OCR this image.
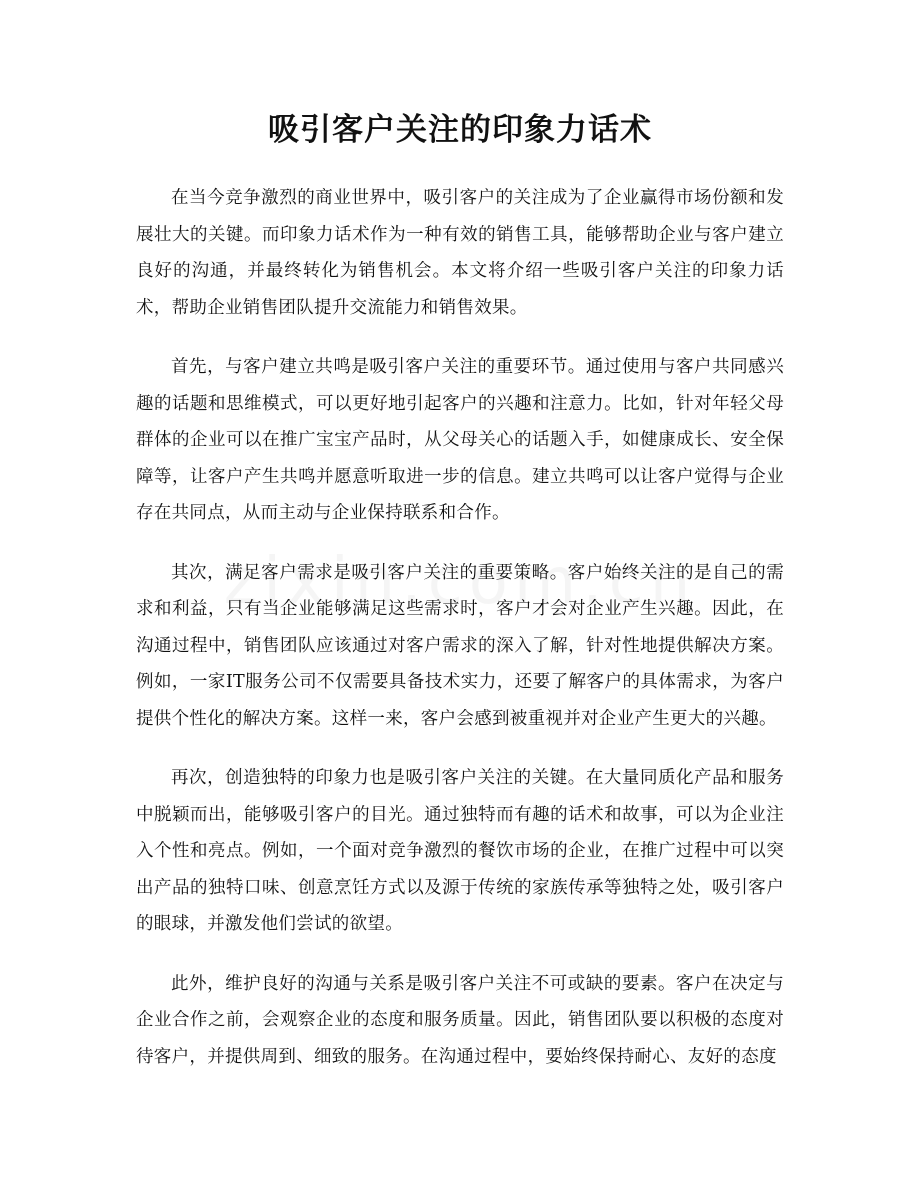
吸引客户关注的印象力话术

在当今竞争激烈的商业世界中，吸引客户的关注成为了企业赢得市场份额和发展壮大的关键。而印象力话术作为一种有效的销售工具，能够帮助企业与客户建立良好的沟通，并最终转化为销售机会。本文将介绍一些吸引客户关注的印象力话术，帮助企业销售团队提升交流能力和销售效果。

首先，与客户建立共鸣是吸引客户关注的重要环节。通过使用与客户共同感兴趣的话题和思维模式，可以更好地引起客户的兴趣和注意力。比如，针对年轻父母群体的企业可以在推广宝宝产品时，从父母关心的话题入手，如健康成长、安全保障等，让客户产生共鸣并愿意听取进一步的信息。建立共鸣可以让客户觉得与企业存在共同点，从而主动与企业保持联系和合作。

其次，满足客户需求是吸引客户关注的重要策略。客户始终关注的是自己的需求和利益，只有当企业能够满足这些需求时，客户才会对企业产生兴趣。因此，在沟通过程中，销售团队应该通过对客户需求的深入了解，针对性地提供解决方案。例如，一家IT服务公司不仅需要具备技术实力，还要了解客户的具体需求，为客户提供个性化的解决方案。这样一来，客户会感到被重视并对企业产生更大的兴趣。

再次，创造独特的印象力也是吸引客户关注的关键。在大量同质化产品和服务中脱颖而出，能够吸引客户的目光。通过独特而有趣的话术和故事，可以为企业注入个性和亮点。例如，一个面对竞争激烈的餐饮市场的企业，在推广过程中可以突出产品的独特口味、创意烹饪方式以及源于传统的家族传承等独特之处，吸引客户的眼球，并激发他们尝试的欲望。

此外，维护良好的沟通与关系是吸引客户关注不可或缺的要素。客户在决定与企业合作之前，会观察企业的态度和服务质量。因此，销售团队要以积极的态度对待客户，并提供周到、细致的服务。在沟通过程中，要始终保持耐心、友好的态度
